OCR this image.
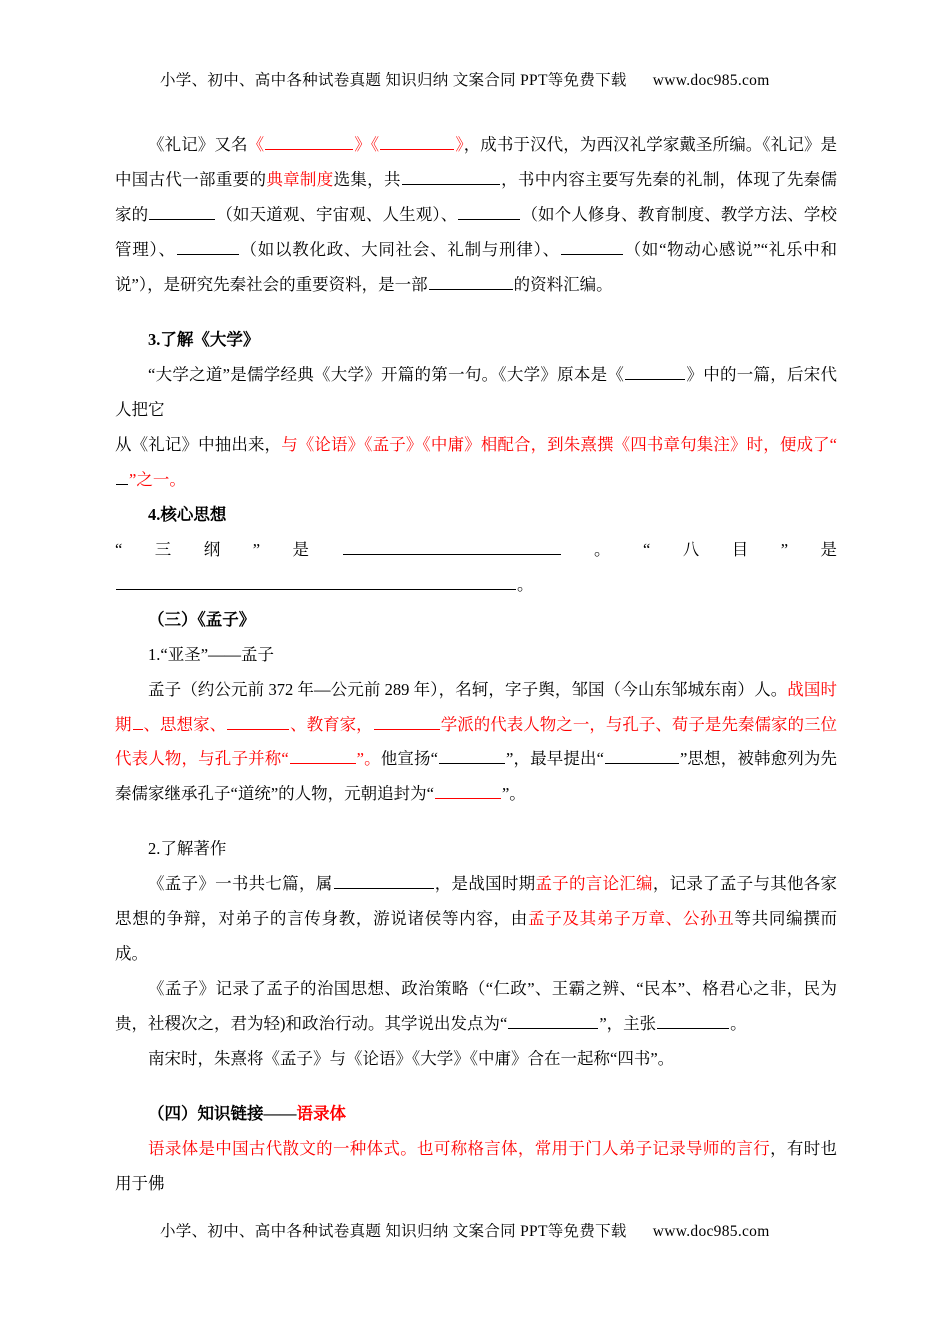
小学、初中、高中各种试卷真题 知识归纳 文案合同 PPT等免费下载 www.doc985.com

《礼记》又名《	》《	》，成书于汉代，为西汉礼学家戴圣所编。《礼记》是中国古代一部重要的典章制度选集，共	，书中内容主要写先秦的礼制，体现了先秦儒家的	（如天道观、宇宙观、人生观）、	（如个人修身、教育制度、教学方法、学校管理）、	（如以教化政、大同社会、礼制与刑律）、	（如“物动心感说”“礼乐中和说”），是研究先秦社会的重要资料，是一部	的资料汇编。

3.了解《大学》

“大学之道”是儒学经典《大学》开篇的第一句。《大学》原本是《	》中的一篇，后宋代人把它

从《礼记》中抽出来，与《论语》《孟子》《中庸》相配合，到朱熹撰《四书章句集注》时，便成了“”之一。

4.核心思想

“三纲”是	。“八目”是。

（三）《孟子》

1.“亚圣”——孟子

孟子（约公元前 372 年—公元前 289 年），名轲，字子舆，邹国（今山东邹城东南）人。战国时期 、思想家、	、教育家，	学派的代表人物之一，与孔子、荀子是先秦儒家的三位代表人物，与孔子并称“	”。他宣扬“	”，最早提出“	”思想，被韩愈列为先秦儒家继承孔子“道统”的人物，元朝追封为“	”。

2.了解著作

《孟子》一书共七篇，属	，是战国时期孟子的言论汇编，记录了孟子与其他各家思想的争辩，对弟子的言传身教，游说诸侯等内容，由孟子及其弟子万章、公孙丑等共同编撰而成。

《孟子》记录了孟子的治国思想、政治策略（“仁政”、王霸之辨、“民本”、格君心之非，民为贵，社稷次之，君为轻)和政治行动。其学说出发点为“	”，主张	。

南宋时，朱熹将《孟子》与《论语》《大学》《中庸》合在一起称“四书”。

（四）知识链接——语录体

语录体是中国古代散文的一种体式。也可称格言体，常用于门人弟子记录导师的言行，有时也用于佛

小学、初中、高中各种试卷真题 知识归纳 文案合同 PPT等免费下载 www.doc985.com
